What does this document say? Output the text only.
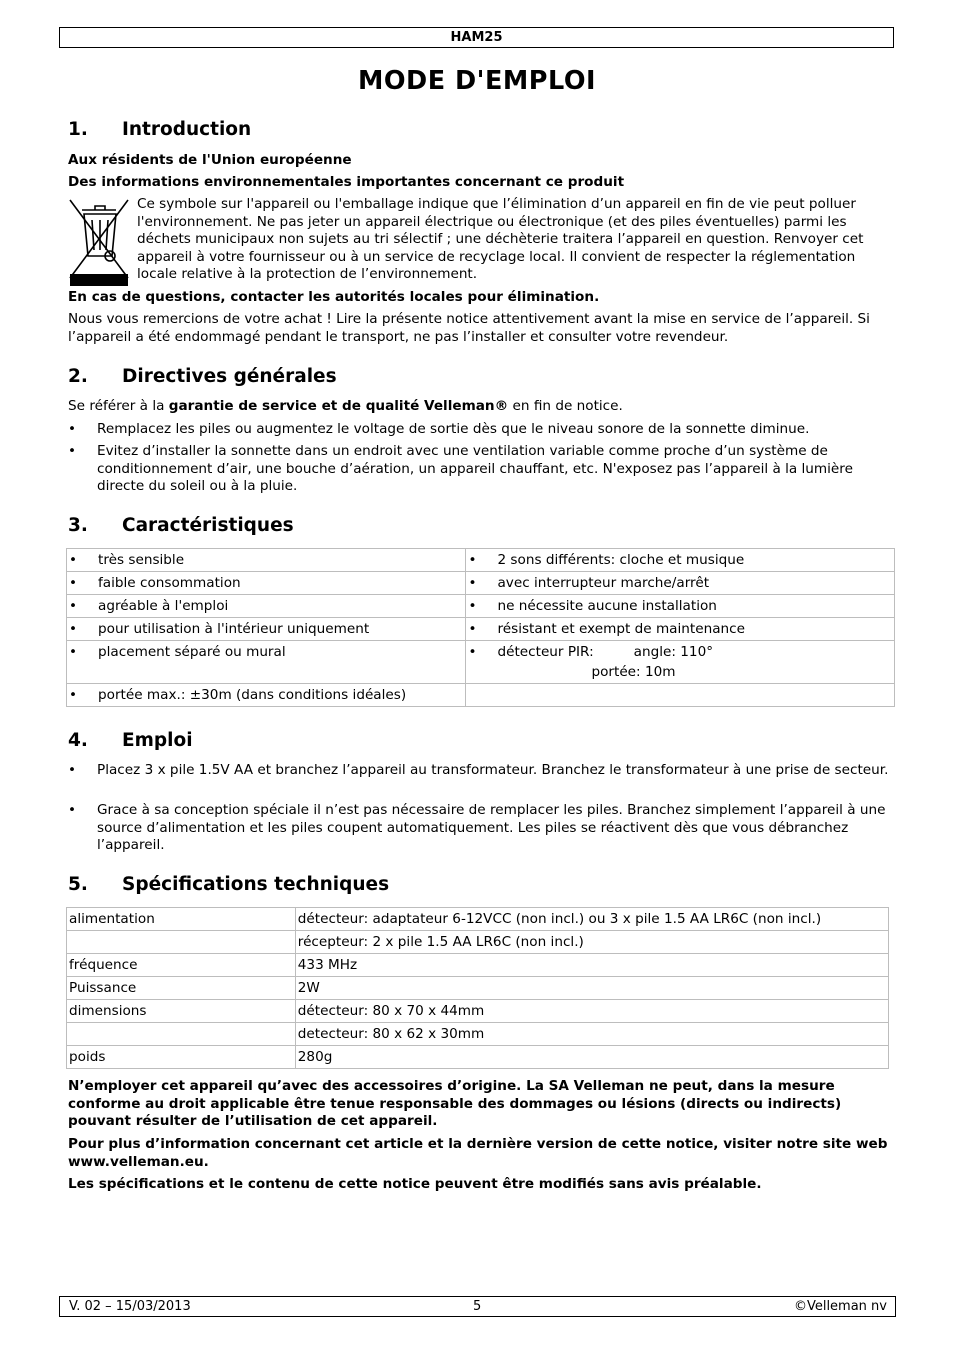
HAM25
MODE D'EMPLOI
1. Introduction
Aux résidents de l'Union européenne
Des informations environnementales importantes concernant ce produit
Ce symbole sur l'appareil ou l'emballage indique que l’élimination d’un appareil en fin de vie peut polluer l'environnement. Ne pas jeter un appareil électrique ou électronique (et des piles éventuelles) parmi les déchets municipaux non sujets au tri sélectif ; une déchèterie traitera l’appareil en question. Renvoyer cet appareil à votre fournisseur ou à un service de recyclage local. Il convient de respecter la réglementation locale relative à la protection de l’environnement.
En cas de questions, contacter les autorités locales pour élimination.
Nous vous remercions de votre achat ! Lire la présente notice attentivement avant la mise en service de l’appareil. Si l’appareil a été endommagé pendant le transport, ne pas l’installer et consulter votre revendeur.
2. Directives générales
Se référer à la garantie de service et de qualité Velleman® en fin de notice.
• Remplacez les piles ou augmentez le voltage de sortie dès que le niveau sonore de la sonnette diminue.
• Evitez d’installer la sonnette dans un endroit avec une ventilation variable comme proche d’un système de conditionnement d’air, une bouche d’aération, un appareil chauffant, etc. N'exposez pas l’appareil à la lumière directe du soleil ou à la pluie.
3. Caractéristiques
• très sensible	• 2 sons différents: cloche et musique
• faible consommation	• avec interrupteur marche/arrêt
• agréable à l'emploi	• ne nécessite aucune installation
• pour utilisation à l'intérieur uniquement	• résistant et exempt de maintenance
• placement séparé ou mural	• détecteur PIR: angle: 110°
portée: 10m
• portée max.: ±30m (dans conditions idéales)	
4. Emploi
• Placez 3 x pile 1.5V AA et branchez l’appareil au transformateur. Branchez le transformateur à une prise de secteur.
• Grace à sa conception spéciale il n’est pas nécessaire de remplacer les piles. Branchez simplement l’appareil à une source d’alimentation et les piles coupent automatiquement. Les piles se réactivent dès que vous débranchez l’appareil.
5. Spécifications techniques
alimentation	détecteur: adaptateur 6-12VCC (non incl.) ou 3 x pile 1.5 AA LR6C (non incl.)
	récepteur: 2 x pile 1.5 AA LR6C (non incl.)
fréquence	433 MHz
Puissance	2W
dimensions	détecteur: 80 x 70 x 44mm
	detecteur: 80 x 62 x 30mm
poids	280g
N’employer cet appareil qu’avec des accessoires d’origine. La SA Velleman ne peut, dans la mesure conforme au droit applicable être tenue responsable des dommages ou lésions (directs ou indirects) pouvant résulter de l’utilisation de cet appareil.
Pour plus d’information concernant cet article et la dernière version de cette notice, visiter notre site web www.velleman.eu.
Les spécifications et le contenu de cette notice peuvent être modifiés sans avis préalable.
V. 02 – 15/03/2013	5	©Velleman nv
